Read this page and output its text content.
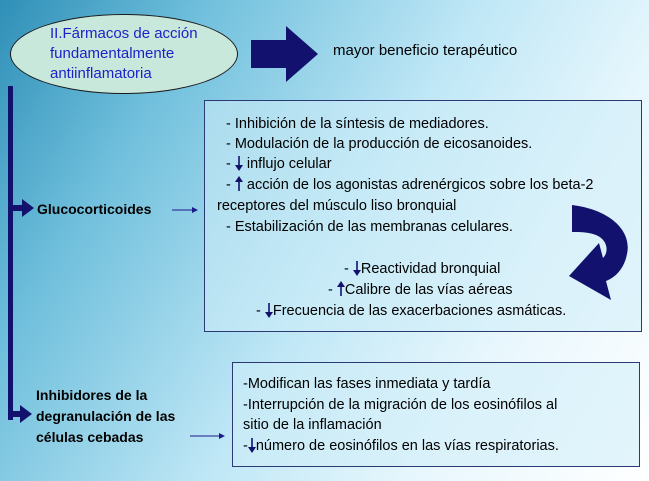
II.Fármacos de acción
fundamentalmente
antiinflamatoria
mayor beneficio terapéutico
Glucocorticoides
- Inhibición de la síntesis de mediadores.
- Modulación de la producción de eicosanoides.
-  influjo celular
-  acción de los agonistas adrenérgicos sobre los beta-2
receptores del músculo liso bronquial
- Estabilización de las membranas celulares.
- Reactividad bronquial
- Calibre de las vías aéreas
- Frecuencia de las exacerbaciones asmáticas.
Inhibidores de la
degranulación de las
células cebadas
-Modifican las fases inmediata y tardía
-Interrupción de la migración de los eosinófilos al
sitio de la inflamación
- número de eosinófilos en las vías respiratorias.
